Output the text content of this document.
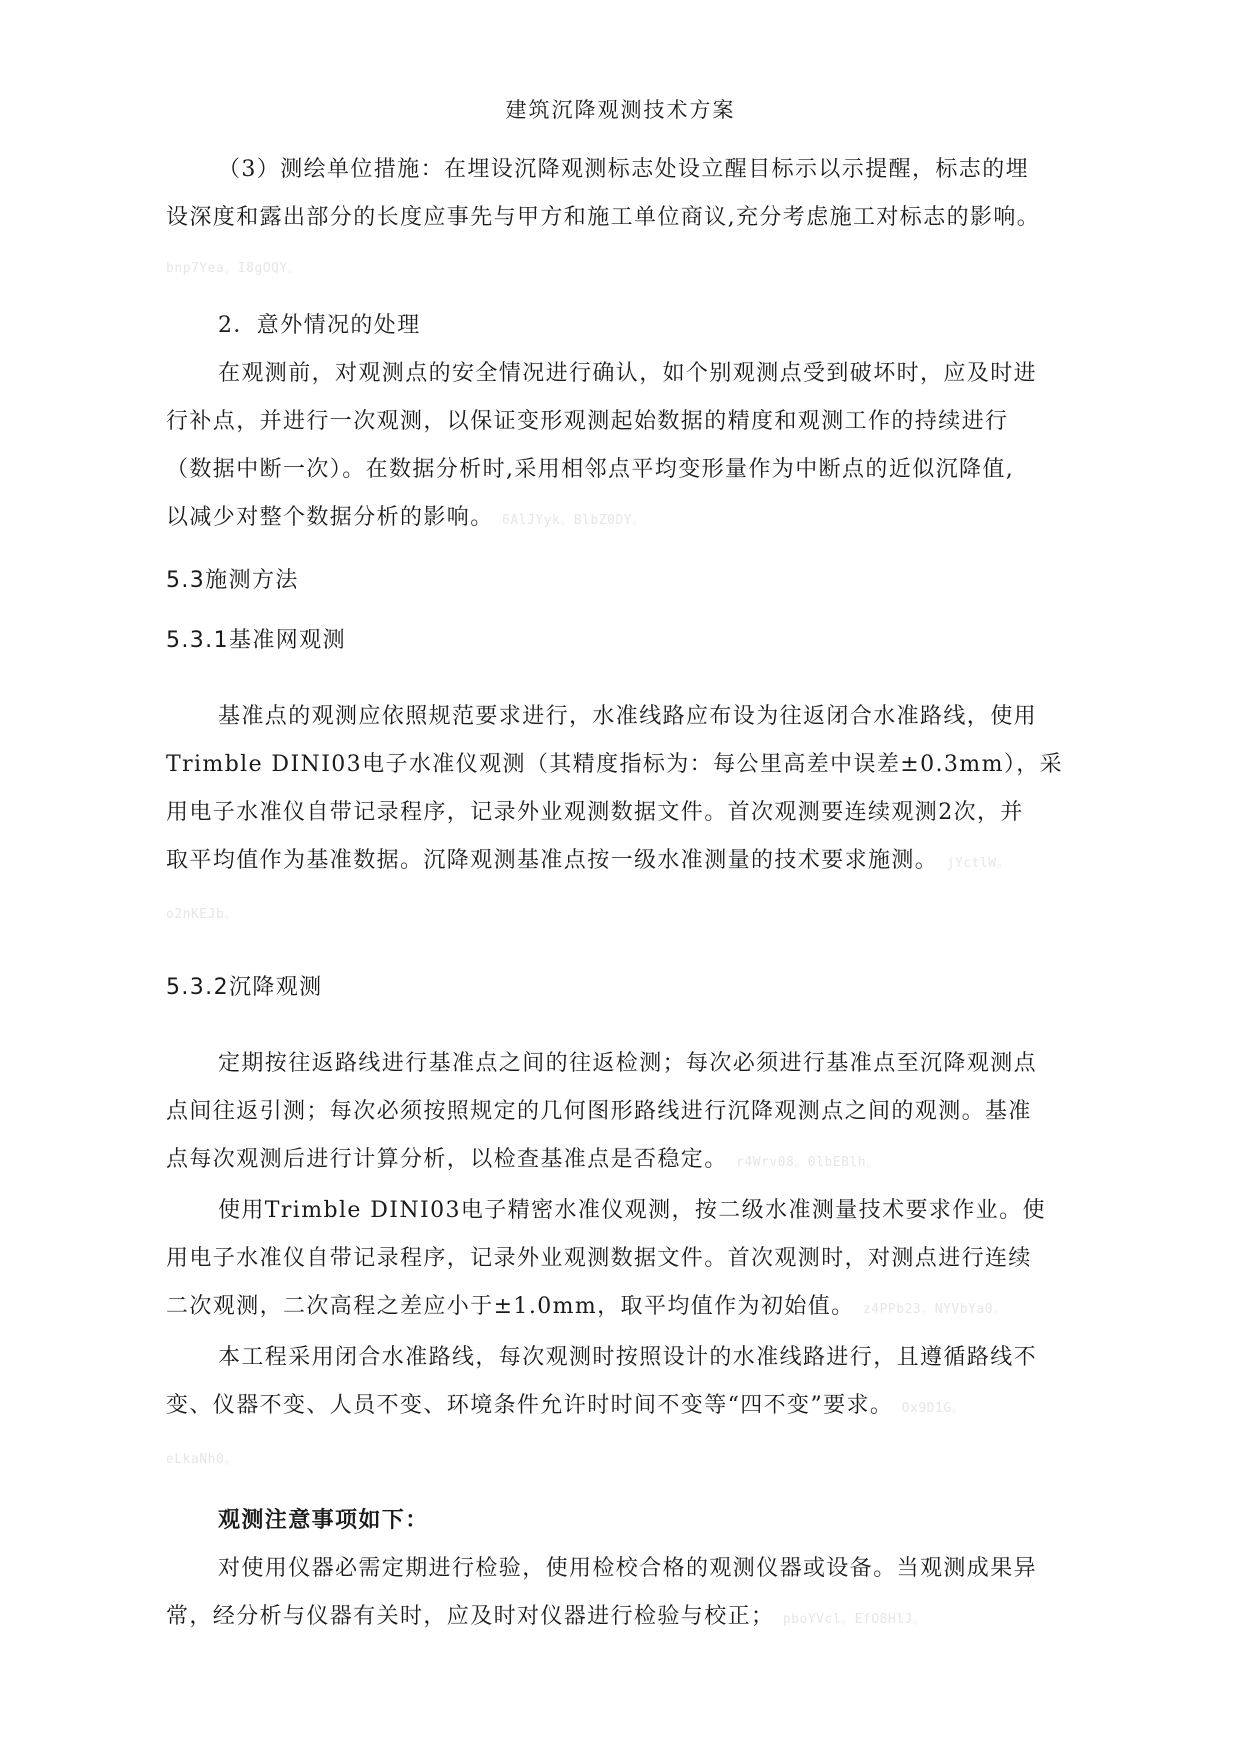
建筑沉降观测技术方案
（3）测绘单位措施：在埋设沉降观测标志处设立醒目标示以示提醒，标志的埋
设深度和露出部分的长度应事先与甲方和施工单位商议,充分考虑施工对标志的影响。
bnp7Yea。I8gOQY。
2．意外情况的处理
在观测前，对观测点的安全情况进行确认，如个别观测点受到破坏时，应及时进
行补点，并进行一次观测，以保证变形观测起始数据的精度和观测工作的持续进行
（数据中断一次）。在数据分析时,采用相邻点平均变形量作为中断点的近似沉降值,
以减少对整个数据分析的影响。 6AlJYyk。BlbZ0DY。
5.3施测方法
5.3.1基准网观测
基准点的观测应依照规范要求进行，水准线路应布设为往返闭合水准路线，使用
Trimble DINI03电子水准仪观测（其精度指标为：每公里高差中误差±0.3mm），采
用电子水准仪自带记录程序，记录外业观测数据文件。首次观测要连续观测2次，并
取平均值作为基准数据。沉降观测基准点按一级水准测量的技术要求施测。 jYctlW。
o2nKEJb。
5.3.2沉降观测
定期按往返路线进行基准点之间的往返检测；每次必须进行基准点至沉降观测点
点间往返引测；每次必须按照规定的几何图形路线进行沉降观测点之间的观测。基准
点每次观测后进行计算分析，以检查基准点是否稳定。 r4Wrv08。0lbEBlh。
使用Trimble DINI03电子精密水准仪观测，按二级水准测量技术要求作业。使
用电子水准仪自带记录程序，记录外业观测数据文件。首次观测时，对测点进行连续
二次观测，二次高程之差应小于±1.0mm，取平均值作为初始值。 z4PPb23。NYVbYa0。
本工程采用闭合水准路线，每次观测时按照设计的水准线路进行，且遵循路线不
变、仪器不变、人员不变、环境条件允许时时间不变等“四不变”要求。 Ox9D1G。
eLkaNh0。
观测注意事项如下：
对使用仪器必需定期进行检验，使用检校合格的观测仪器或设备。当观测成果异
常，经分析与仪器有关时，应及时对仪器进行检验与校正； pboYVcl。EfO8HlJ。
